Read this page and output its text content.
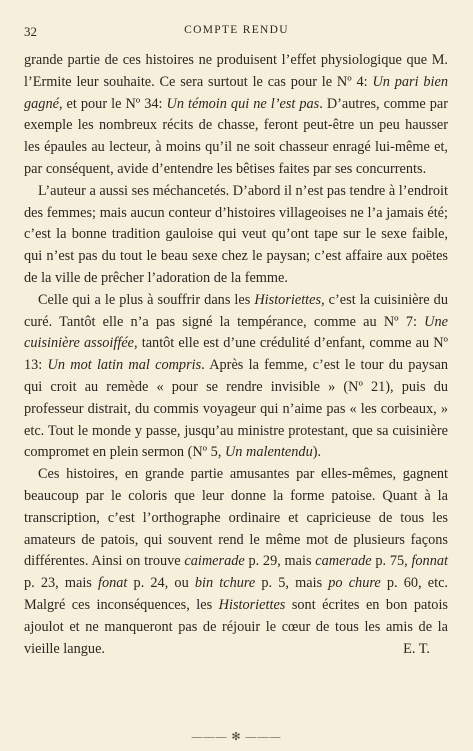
32	COMPTE RENDU

grande partie de ces histoires ne produisent l’effet physiologique que M. l’Ermite leur souhaite. Ce sera surtout le cas pour le Nº 4: Un pari bien gagné, et pour le Nº 34: Un témoin qui ne l’est pas. D’autres, comme par exemple les nombreux récits de chasse, feront peut-être un peu hausser les épaules au lecteur, à moins qu’il ne soit chasseur enragé lui-même et, par conséquent, avide d’entendre les bêtises faites par ses concurrents.

L’auteur a aussi ses méchancetés. D’abord il n’est pas tendre à l’endroit des femmes; mais aucun conteur d’histoires villageoises ne l’a jamais été; c’est la bonne tradition gauloise qui veut qu’ont tape sur le sexe faible, qui n’est pas du tout le beau sexe chez le paysan; c’est affaire aux poëtes de la ville de prêcher l’adoration de la femme.

Celle qui a le plus à souffrir dans les Historiettes, c’est la cuisinière du curé. Tantôt elle n’a pas signé la tempérance, comme au Nº 7: Une cuisinière assoiffée, tantôt elle est d’une crédulité d’enfant, comme au Nº 13: Un mot latin mal compris. Après la femme, c’est le tour du paysan qui croit au remède « pour se rendre invisible » (Nº 21), puis du professeur distrait, du commis voyageur qui n’aime pas « les corbeaux, » etc. Tout le monde y passe, jusqu’au ministre protestant, que sa cuisinière compromet en plein sermon (Nº 5, Un malentendu).

Ces histoires, en grande partie amusantes par elles-mêmes, gagnent beaucoup par le coloris que leur donne la forme patoise. Quant à la transcription, c’est l’orthographe ordinaire et capricieuse de tous les amateurs de patois, qui souvent rend le même mot de plusieurs façons différentes. Ainsi on trouve caimerade p. 29, mais camerade p. 75, fonnat p. 23, mais fonat p. 24, ou bin tchure p. 5, mais po chure p. 60, etc. Malgré ces inconséquences, les Historiettes sont écrites en bon patois ajoulot et ne manqueront pas de réjouir le cœur de tous les amis de la vieille langue.	E. T.

——— ✻ ———
